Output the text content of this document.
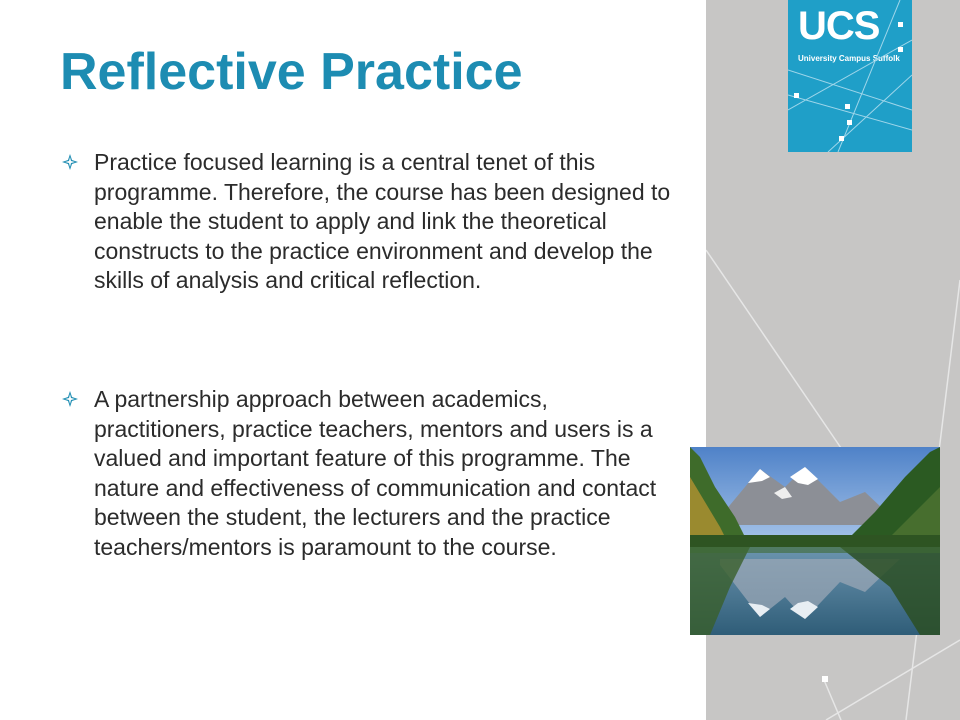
UCS
University Campus Suffolk
Reflective Practice
Practice focused learning is a central tenet of this programme. Therefore, the course has been designed to enable the student to apply and link the theoretical constructs to the practice environment and develop the skills of analysis and critical reflection.
A partnership approach between academics, practitioners, practice teachers, mentors and users is a valued and important feature of this programme. The nature and effectiveness of communication and contact between the student, the lecturers and the practice teachers/mentors is paramount to the course.
